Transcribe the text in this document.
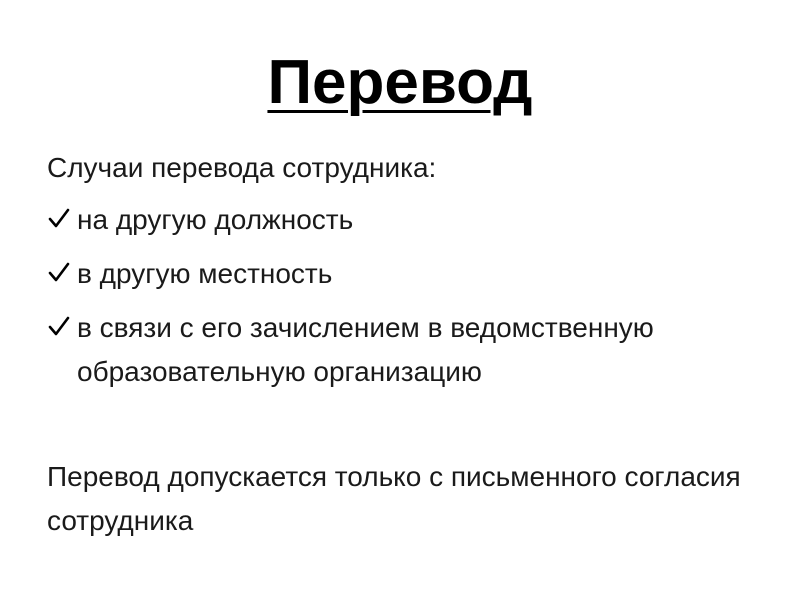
Перевод

Случаи перевода сотрудника:

на другую должность
в другую местность
в связи с его зачислением в ведомственную образовательную организацию

Перевод допускается только с письменного согласия сотрудника
